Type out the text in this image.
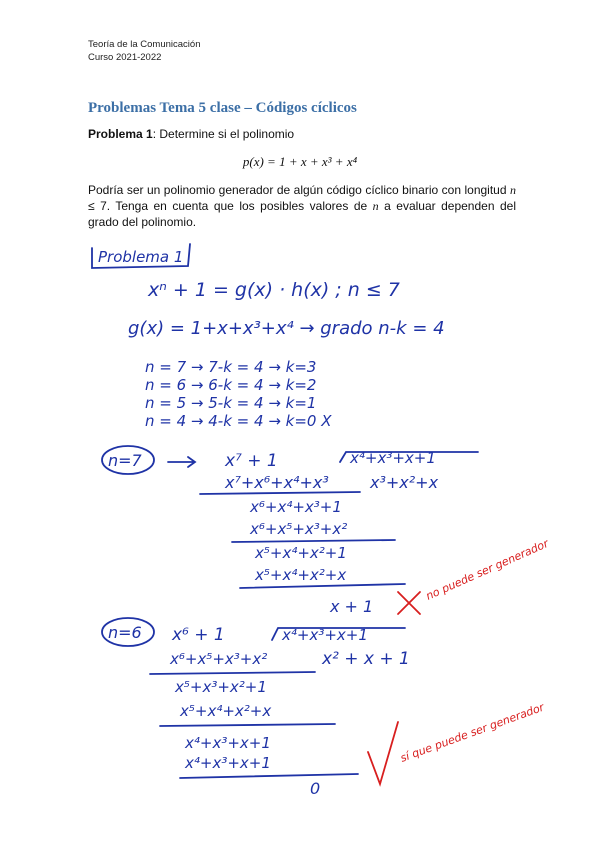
Teoría de la Comunicación
Curso 2021-2022
Problemas Tema 5 clase – Códigos cíclicos
Problema 1: Determine si el polinomio
p(x) = 1 + x + x³ + x⁴
Podría ser un polinomio generador de algún código cíclico binario con longitud n ≤ 7. Tenga en cuenta que los posibles valores de n a evaluar dependen del grado del polinomio.
Problema 1
xⁿ + 1 = g(x) · h(x) ; n ≤ 7
g(x) = 1+x+x³+x⁴ → grado n-k = 4
n = 7 → 7-k = 4 → k=3
n = 6 → 6-k = 4 → k=2
n = 5 → 5-k = 4 → k=1
n = 4 → 4-k = 4 → k=0 X
n=7	x⁷ + 1	x⁴+x³+x+1
x⁷+x⁶+x⁴+x³	x³+x²+x
x⁶+x⁴+x³+1
x⁶+x⁵+x³+x²
x⁵+x⁴+x²+1
x⁵+x⁴+x²+x
x + 1
no puede ser generador
n=6 x⁶ + 1	x⁴+x³+x+1
x⁶+x⁵+x³+x²	x² + x + 1
x⁵+x³+x²+1
x⁵+x⁴+x²+x
x⁴+x³+x+1
x⁴+x³+x+1
0
sí que puede ser generador
